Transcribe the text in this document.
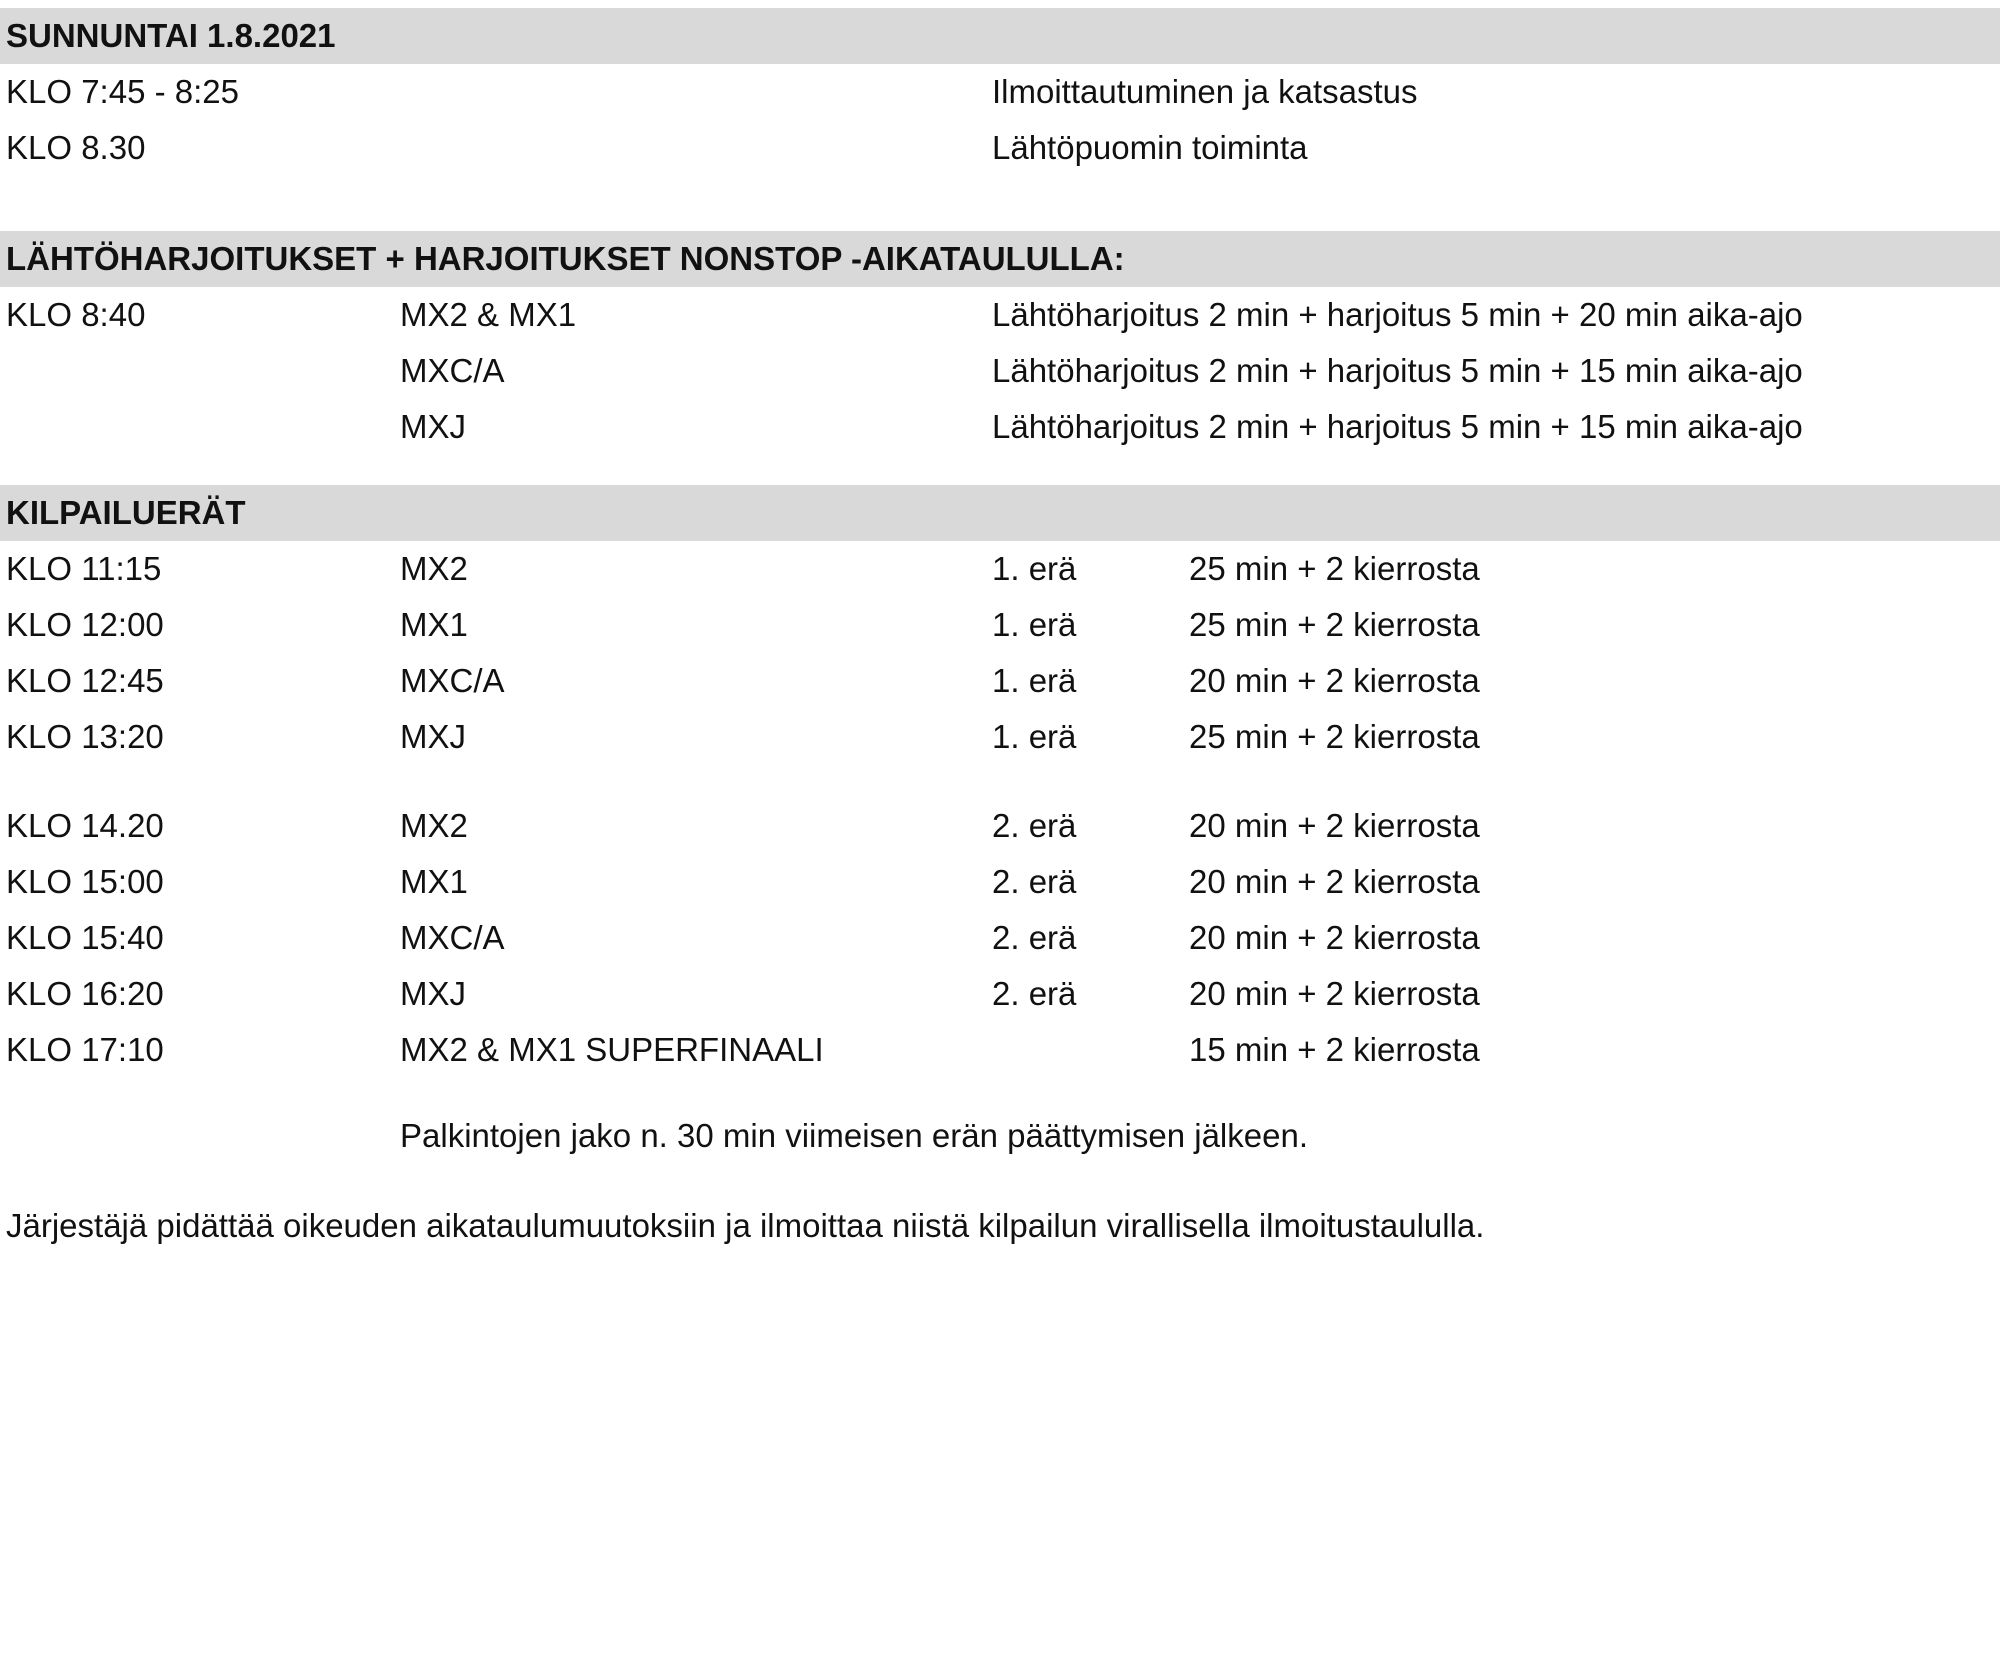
SUNNUNTAI 1.8.2021
KLO 7:45 - 8:25	Ilmoittautuminen ja katsastus
KLO 8.30	Lähtöpuomin toiminta
LÄHTÖHARJOITUKSET + HARJOITUKSET NONSTOP -AIKATAULULLA:
KLO 8:40	MX2 & MX1	Lähtöharjoitus 2 min + harjoitus 5 min + 20 min aika-ajo
MXC/A	Lähtöharjoitus 2 min + harjoitus 5 min + 15 min aika-ajo
MXJ	Lähtöharjoitus 2 min + harjoitus 5 min + 15 min aika-ajo
KILPAILUERÄT
KLO 11:15	MX2	1. erä	25 min + 2 kierrosta
KLO 12:00	MX1	1. erä	25 min + 2 kierrosta
KLO 12:45	MXC/A	1. erä	20 min + 2 kierrosta
KLO 13:20	MXJ	1. erä	25 min + 2 kierrosta
KLO 14.20	MX2	2. erä	20 min + 2 kierrosta
KLO 15:00	MX1	2. erä	20 min + 2 kierrosta
KLO 15:40	MXC/A	2. erä	20 min + 2 kierrosta
KLO 16:20	MXJ	2. erä	20 min + 2 kierrosta
KLO 17:10	MX2 & MX1 SUPERFINAALI	15 min + 2 kierrosta
Palkintojen jako n. 30 min viimeisen erän päättymisen jälkeen.
Järjestäjä pidättää oikeuden aikataulumuutoksiin ja ilmoittaa niistä kilpailun virallisella ilmoitustaululla.
